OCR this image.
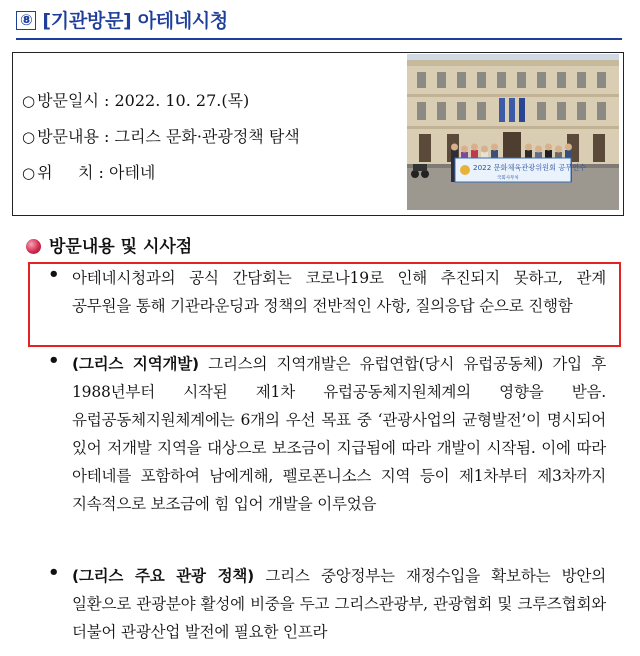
⑧ [기관방문] 아테네시청
○ 방문일시 : 2022. 10. 27.(목)
○ 방문내용 : 그리스 문화·관광정책 탐색
○ 위     치 : 아테네	2022 문화체육관광위원회 공무연수
국회사무처
방문내용 및 시사점
• 아테네시청과의 공식 간담회는 코로나19로 인해 추진되지 못하고, 관계 공무원을 통해 기관라운딩과 정책의 전반적인 사항, 질의응답 순으로 진행함
• (그리스 지역개발) 그리스의 지역개발은 유럽연합(당시 유럽공동체) 가입 후 1988년부터 시작된 제1차 유럽공동체지원체계의 영향을 받음. 유럽공동체지원체계에는 6개의 우선 목표 중 ‘관광사업의 균형발전’이 명시되어 있어 저개발 지역을 대상으로 보조금이 지급됨에 따라 개발이 시작됨. 이에 따라 아테네를 포함하여 남에게해, 펠로폰니소스 지역 등이 제1차부터 제3차까지 지속적으로 보조금에 힘 입어 개발을 이루었음
• (그리스 주요 관광 정책) 그리스 중앙정부는 재정수입을 확보하는 방안의 일환으로 관광분야 활성에 비중을 두고 그리스관광부, 관광협회 및 크루즈협회와 더불어 관광산업 발전에 필요한 인프라
